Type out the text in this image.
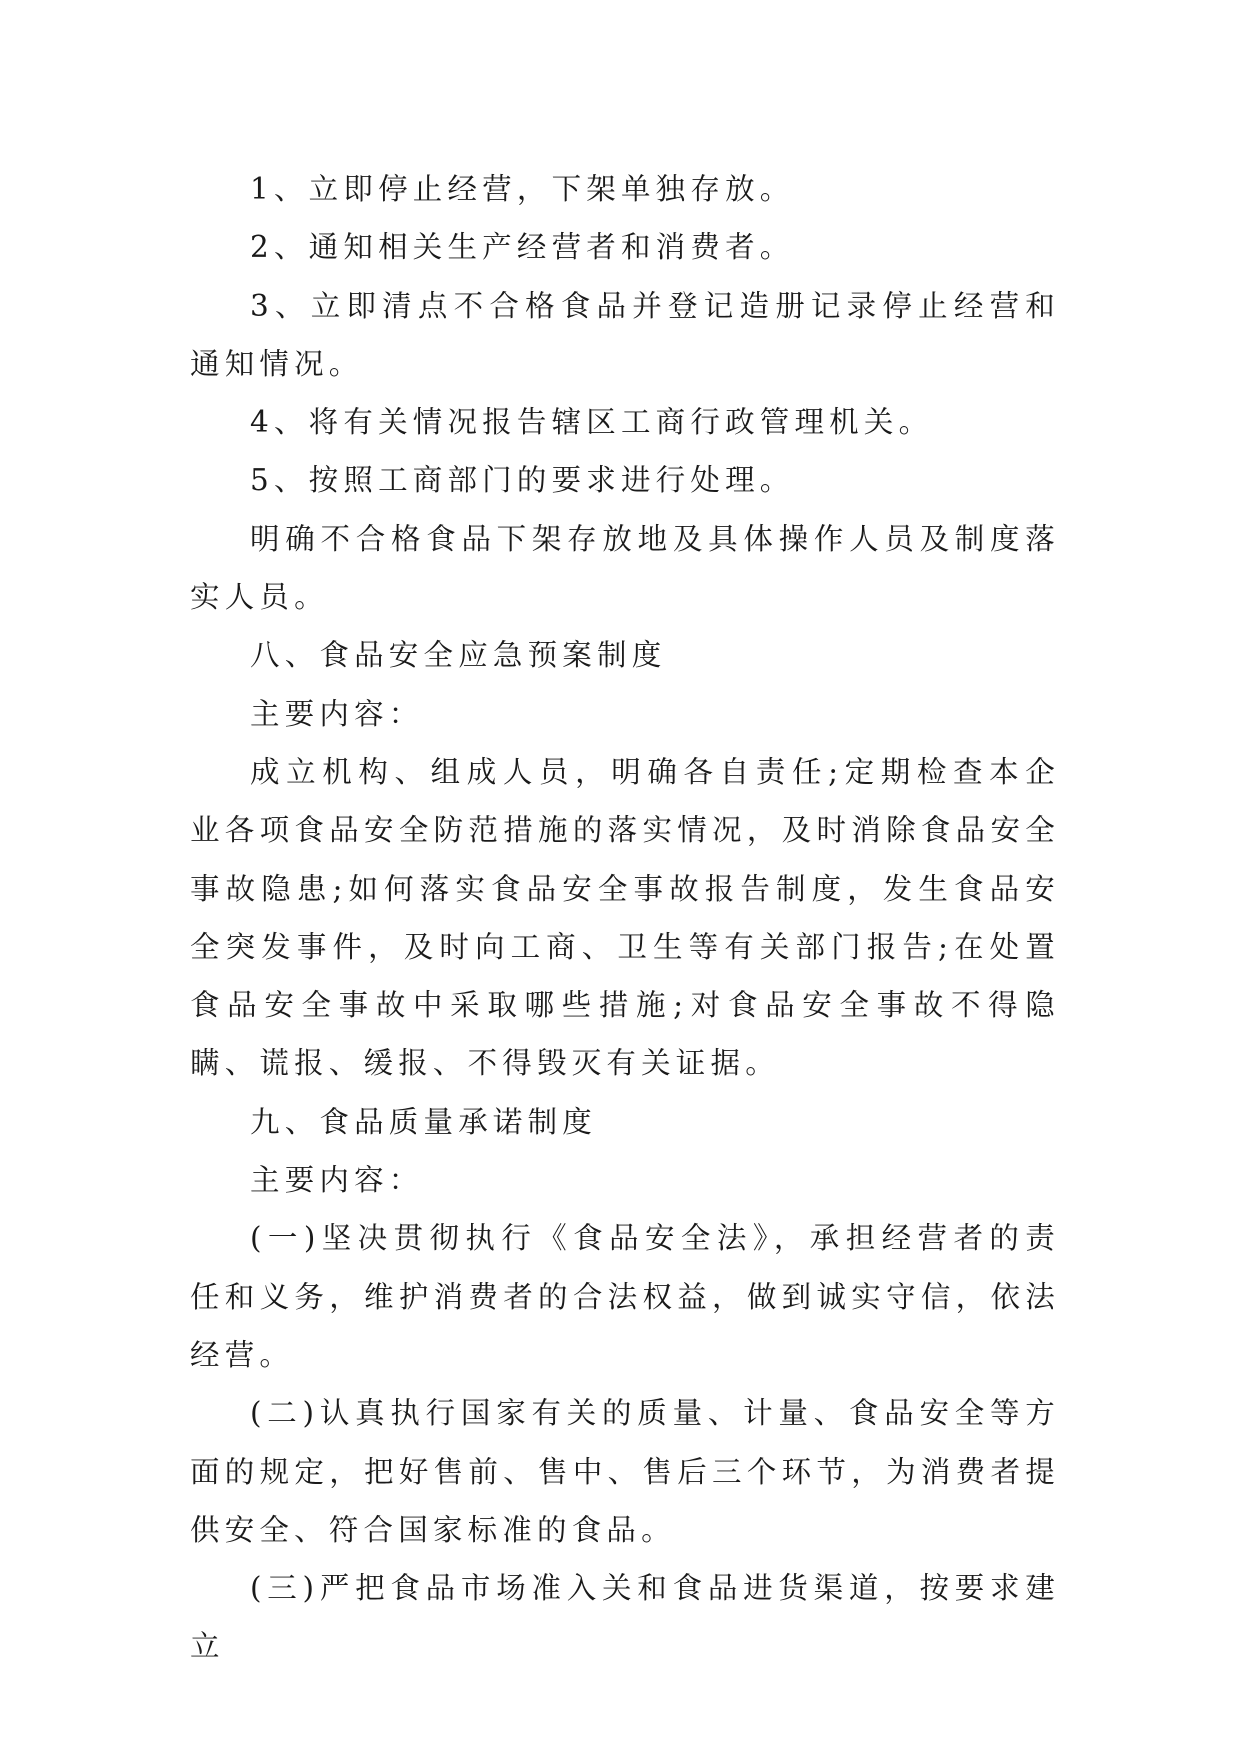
1、立即停止经营，下架单独存放。

2、通知相关生产经营者和消费者。

3、立即清点不合格食品并登记造册记录停止经营和通知情况。

4、将有关情况报告辖区工商行政管理机关。

5、按照工商部门的要求进行处理。

明确不合格食品下架存放地及具体操作人员及制度落实人员。

八、食品安全应急预案制度

主要内容：

成立机构、组成人员，明确各自责任;定期检查本企业各项食品安全防范措施的落实情况，及时消除食品安全事故隐患;如何落实食品安全事故报告制度，发生食品安全突发事件，及时向工商、卫生等有关部门报告;在处置食品安全事故中采取哪些措施;对食品安全事故不得隐瞒、谎报、缓报、不得毁灭有关证据。

九、食品质量承诺制度

主要内容：

(一)坚决贯彻执行《食品安全法》，承担经营者的责任和义务，维护消费者的合法权益，做到诚实守信，依法经营。

(二)认真执行国家有关的质量、计量、食品安全等方面的规定，把好售前、售中、售后三个环节，为消费者提供安全、符合国家标准的食品。

(三)严把食品市场准入关和食品进货渠道，按要求建立
